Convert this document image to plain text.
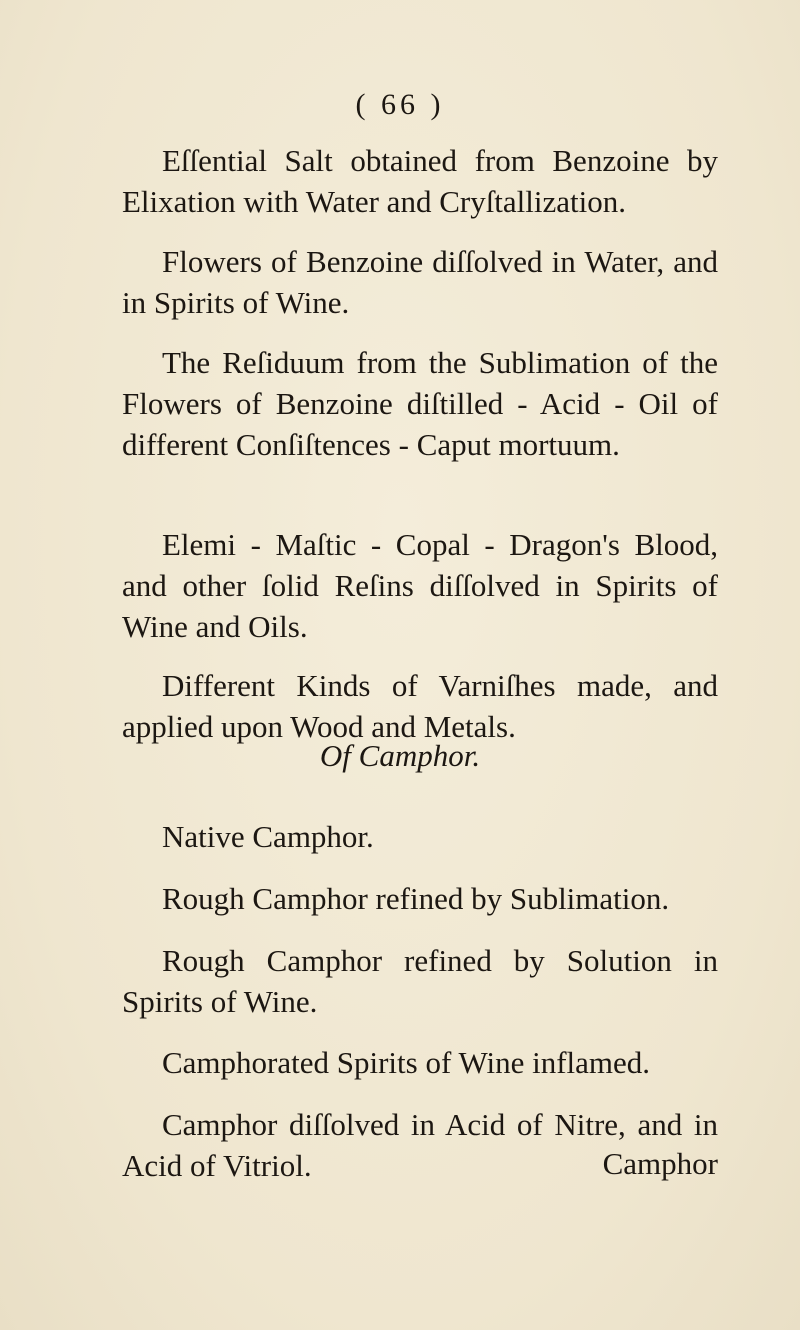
( 66 )

Eſſential Salt obtained from Benzoine by Elixation with Water and Cryſtallization.

Flowers of Benzoine diſſolved in Water, and in Spirits of Wine.

The Reſiduum from the Sublimation of the Flowers of Benzoine diſtilled - Acid - Oil of different Conſiſtences - Caput mortuum.

Elemi - Maſtic - Copal - Dragon's Blood, and other ſolid Reſins diſſolved in Spirits of Wine and Oils.

Different Kinds of Varniſhes made, and applied upon Wood and Metals.

Of Camphor.

Native Camphor.

Rough Camphor refined by Sublimation.

Rough Camphor refined by Solution in Spirits of Wine.

Camphorated Spirits of Wine inflamed.

Camphor diſſolved in Acid of Nitre, and in Acid of Vitriol.	Camphor
